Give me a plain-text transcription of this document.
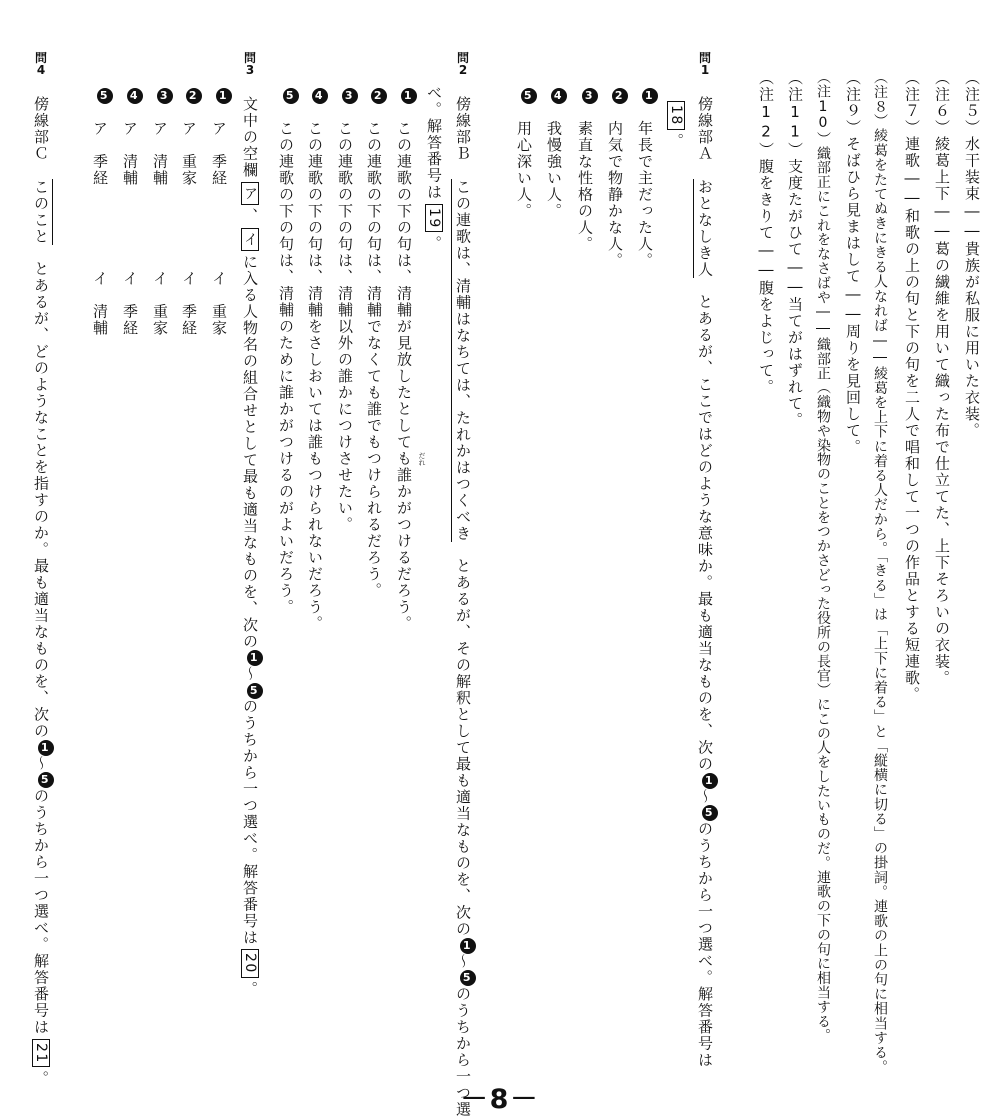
（注５）水干装束――貴族が私服に用いた衣装。
（注６）綾葛上下――葛の繊維を用いて織った布で仕立てた、上下そろいの衣装。
（注７）連歌――和歌の上の句と下の句を二人で唱和して一つの作品とする短連歌。
（注８）綾葛をたてぬきにきる人なれば――綾葛を上下に着る人だから。「きる」は「上下に着る」と「縦横に切る」の掛詞。連歌の上の句に相当する。
（注９）そばひら見まはして――周りを見回して。
（注10）織部正にこれをなさばや――織部正（織物や染物のことをつかさどった役所の長官）にこの人をしたいものだ。連歌の下の句に相当する。
（注11）支度たがひて――当てがはずれて。
（注12）腹をきりて――腹をよじって。
問1
傍線部Ａ　おとなしき人　とあるが、ここではどのような意味か。最も適当なものを、次の1～5のうちから一つ選べ。解答番号は
18。
1　年長で主だった人。
2　内気で物静かな人。
3　素直な性格の人。
4　我慢強い人。
5　用心深い人。
問2
傍線部Ｂ　この連歌は、清輔はなちては、たれかはつくべき　とあるが、その解釈として最も適当なものを、次の1～5のうちから一つ選
べ。解答番号は19。
だれ
1　この連歌の下の句は、清輔が見放したとしても誰かがつけるだろう。
2　この連歌の下の句は、清輔でなくても誰でもつけられるだろう。
3　この連歌の下の句は、清輔以外の誰かにつけさせたい。
4　この連歌の下の句は、清輔をさしおいては誰もつけられないだろう。
5　この連歌の下の句は、清輔のために誰かがつけるのがよいだろう。
問3
文中の空欄ア、イに入る人物名の組合せとして最も適当なものを、次の1～5のうちから一つ選べ。解答番号は20。
1　ア　季経イ　重家
2　ア　重家イ　季経
3　ア　清輔イ　重家
4　ア　清輔イ　季経
5　ア　季経イ　清輔
問4
傍線部Ｃ　このこと　とあるが、どのようなことを指すのか。最も適当なものを、次の1～5のうちから一つ選べ。解答番号は21。
－8－
